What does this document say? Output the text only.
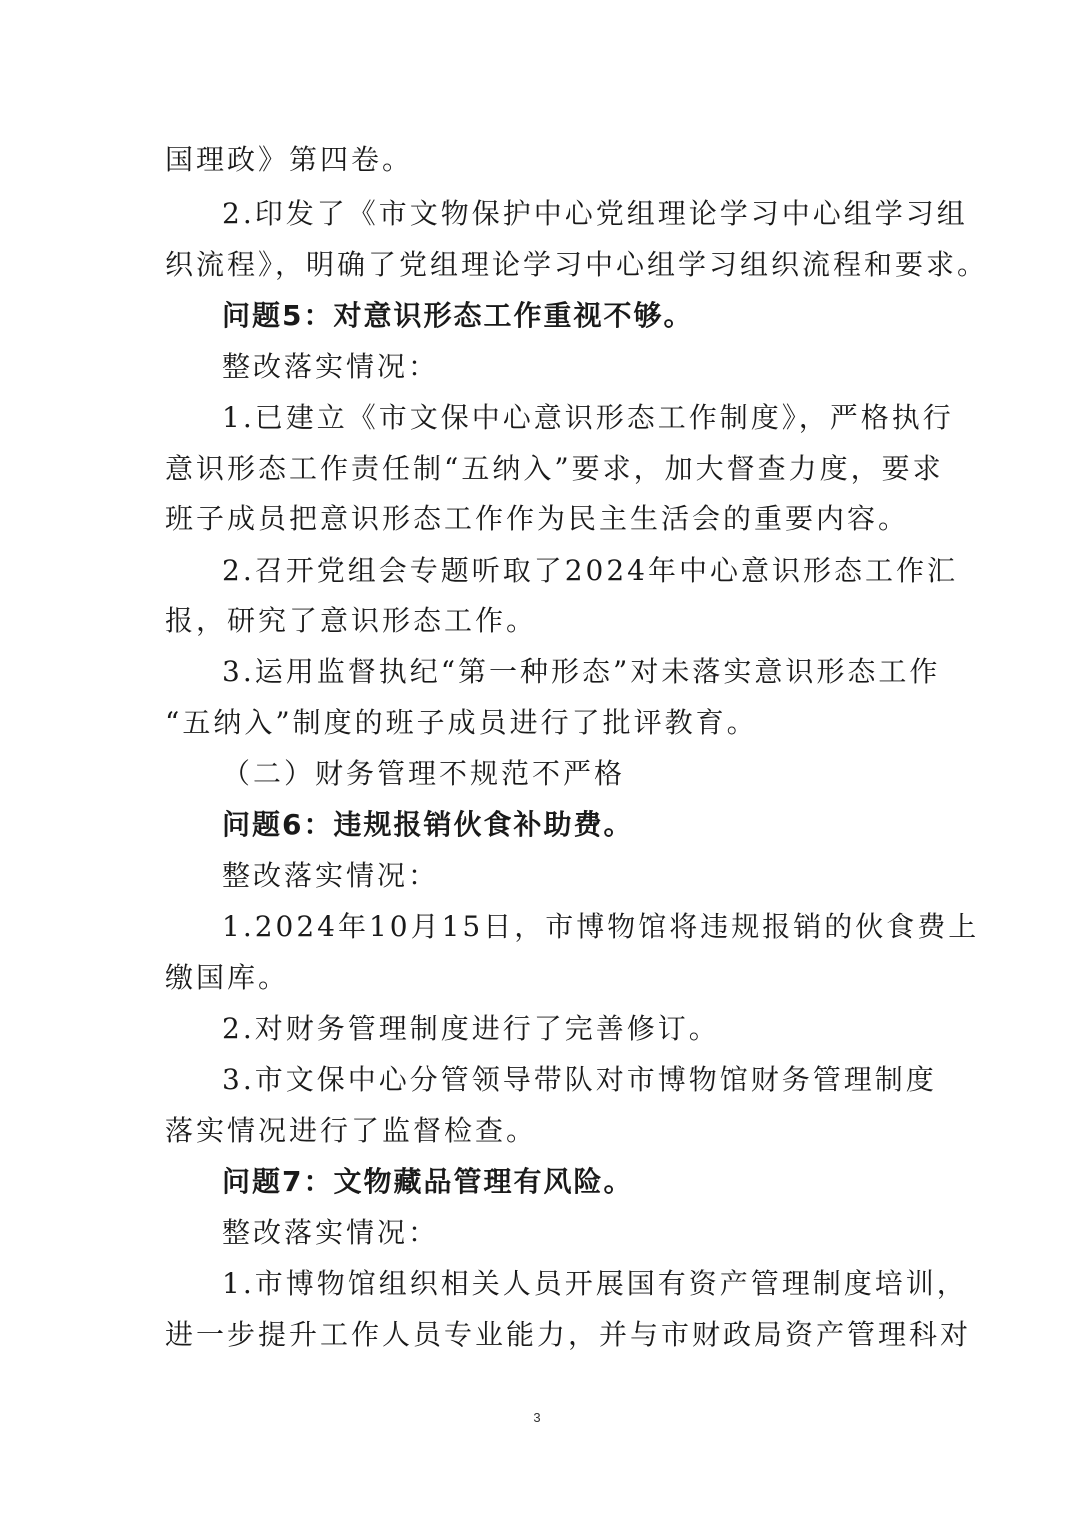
国理政》第四卷。
2.印发了《市文物保护中心党组理论学习中心组学习组
织流程》，明确了党组理论学习中心组学习组织流程和要求。
问题5：对意识形态工作重视不够。
整改落实情况：
1.已建立《市文保中心意识形态工作制度》，严格执行
意识形态工作责任制“五纳入”要求，加大督查力度，要求
班子成员把意识形态工作作为民主生活会的重要内容。
2.召开党组会专题听取了2024年中心意识形态工作汇
报，研究了意识形态工作。
3.运用监督执纪“第一种形态”对未落实意识形态工作
“五纳入”制度的班子成员进行了批评教育。
（二）财务管理不规范不严格
问题6：违规报销伙食补助费。
整改落实情况：
1.2024年10月15日，市博物馆将违规报销的伙食费上
缴国库。
2.对财务管理制度进行了完善修订。
3.市文保中心分管领导带队对市博物馆财务管理制度
落实情况进行了监督检查。
问题7：文物藏品管理有风险。
整改落实情况：
1.市博物馆组织相关人员开展国有资产管理制度培训，
进一步提升工作人员专业能力，并与市财政局资产管理科对
3
